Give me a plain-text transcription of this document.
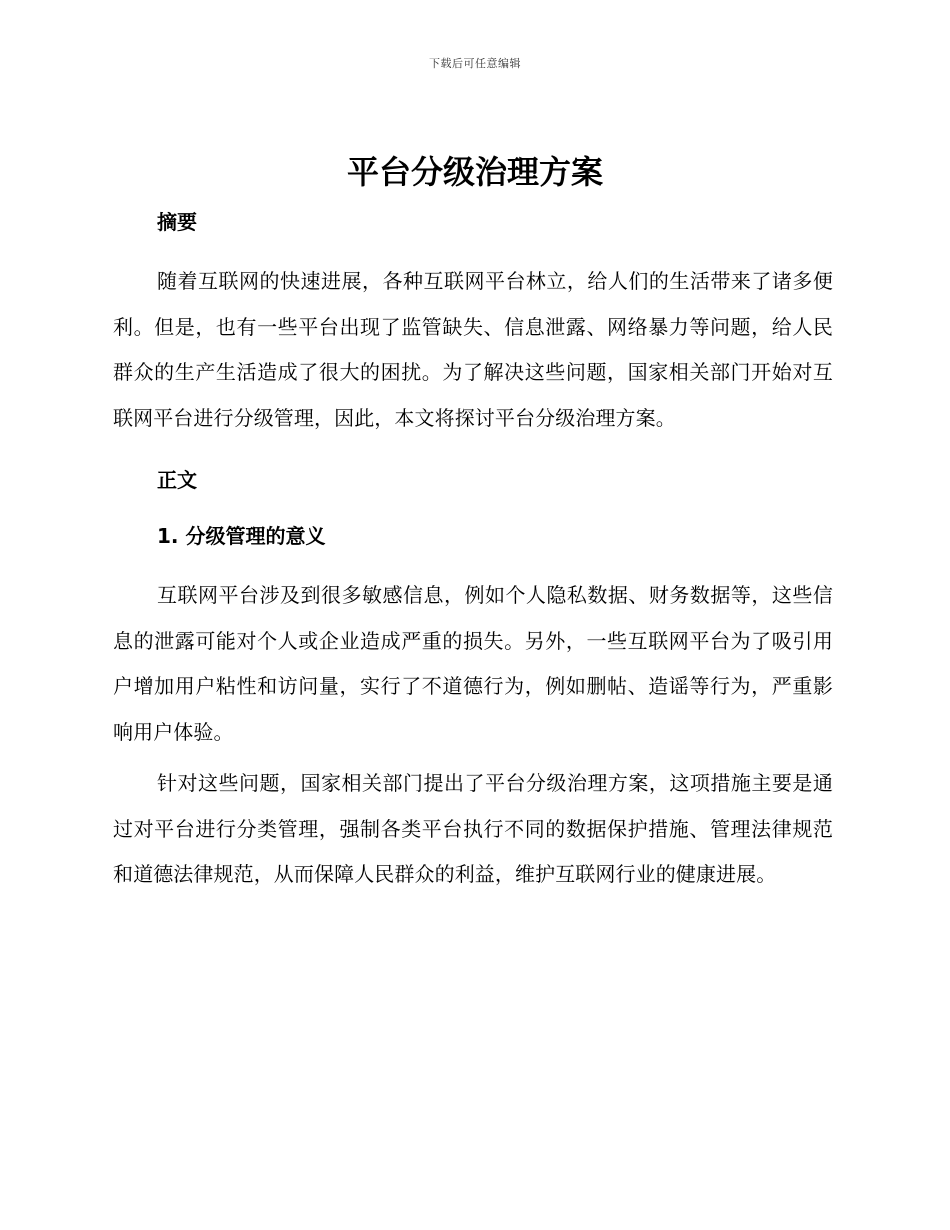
下载后可任意编辑
平台分级治理方案

摘要

随着互联网的快速进展，各种互联网平台林立，给人们的生活带来了诸多便利。但是，也有一些平台出现了监管缺失、信息泄露、网络暴力等问题，给人民群众的生产生活造成了很大的困扰。为了解决这些问题，国家相关部门开始对互联网平台进行分级管理，因此，本文将探讨平台分级治理方案。

正文

1. 分级管理的意义

互联网平台涉及到很多敏感信息，例如个人隐私数据、财务数据等，这些信息的泄露可能对个人或企业造成严重的损失。另外，一些互联网平台为了吸引用户增加用户粘性和访问量，实行了不道德行为，例如删帖、造谣等行为，严重影响用户体验。

针对这些问题，国家相关部门提出了平台分级治理方案，这项措施主要是通过对平台进行分类管理，强制各类平台执行不同的数据保护措施、管理法律规范和道德法律规范，从而保障人民群众的利益，维护互联网行业的健康进展。
